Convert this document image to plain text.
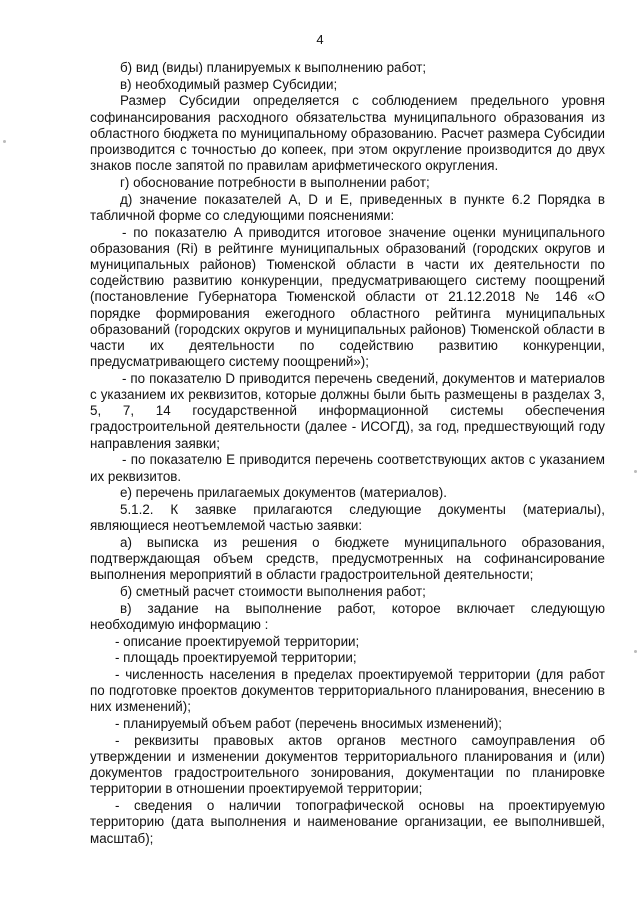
4

б) вид (виды) планируемых к выполнению работ;

в) необходимый размер Субсидии;

Размер Субсидии определяется с соблюдением предельного уровня софинансирования расходного обязательства муниципального образования из областного бюджета по муниципальному образованию. Расчет размера Субсидии производится с точностью до копеек, при этом округление производится до двух знаков после запятой по правилам арифметического округления.

г) обоснование потребности в выполнении работ;

д) значение показателей A, D и E, приведенных в пункте 6.2 Порядка в табличной форме со следующими пояснениями:

- по показателю A приводится итоговое значение оценки муниципального образования (Ri) в рейтинге муниципальных образований (городских округов и муниципальных районов) Тюменской области в части их деятельности по содействию развитию конкуренции, предусматривающего систему поощрений (постановление Губернатора Тюменской области от 21.12.2018 № 146 «О порядке формирования ежегодного областного рейтинга муниципальных образований (городских округов и муниципальных районов) Тюменской области в части их деятельности по содействию развитию конкуренции, предусматривающего систему поощрений»);

- по показателю D приводится перечень сведений, документов и материалов с указанием их реквизитов, которые должны были быть размещены в разделах 3, 5, 7, 14 государственной информационной системы обеспечения градостроительной деятельности (далее - ИСОГД), за год, предшествующий году направления заявки;

- по показателю E приводится перечень соответствующих актов с указанием их реквизитов.

е) перечень прилагаемых документов (материалов).

5.1.2. К заявке прилагаются следующие документы (материалы), являющиеся неотъемлемой частью заявки:

а) выписка из решения о бюджете муниципального образования, подтверждающая объем средств, предусмотренных на софинансирование выполнения мероприятий в области градостроительной деятельности;

б) сметный расчет стоимости выполнения работ;

в) задание на выполнение работ, которое включает следующую необходимую информацию :

- описание проектируемой территории;

- площадь проектируемой территории;

- численность населения в пределах проектируемой территории (для работ по подготовке проектов документов территориального планирования, внесению в них изменений);

- планируемый объем работ (перечень вносимых изменений);

- реквизиты правовых актов органов местного самоуправления об утверждении и изменении документов территориального планирования и (или) документов градостроительного зонирования, документации по планировке территории в отношении проектируемой территории;

- сведения о наличии топографической основы на проектируемую территорию (дата выполнения и наименование организации, ее выполнившей, масштаб);
